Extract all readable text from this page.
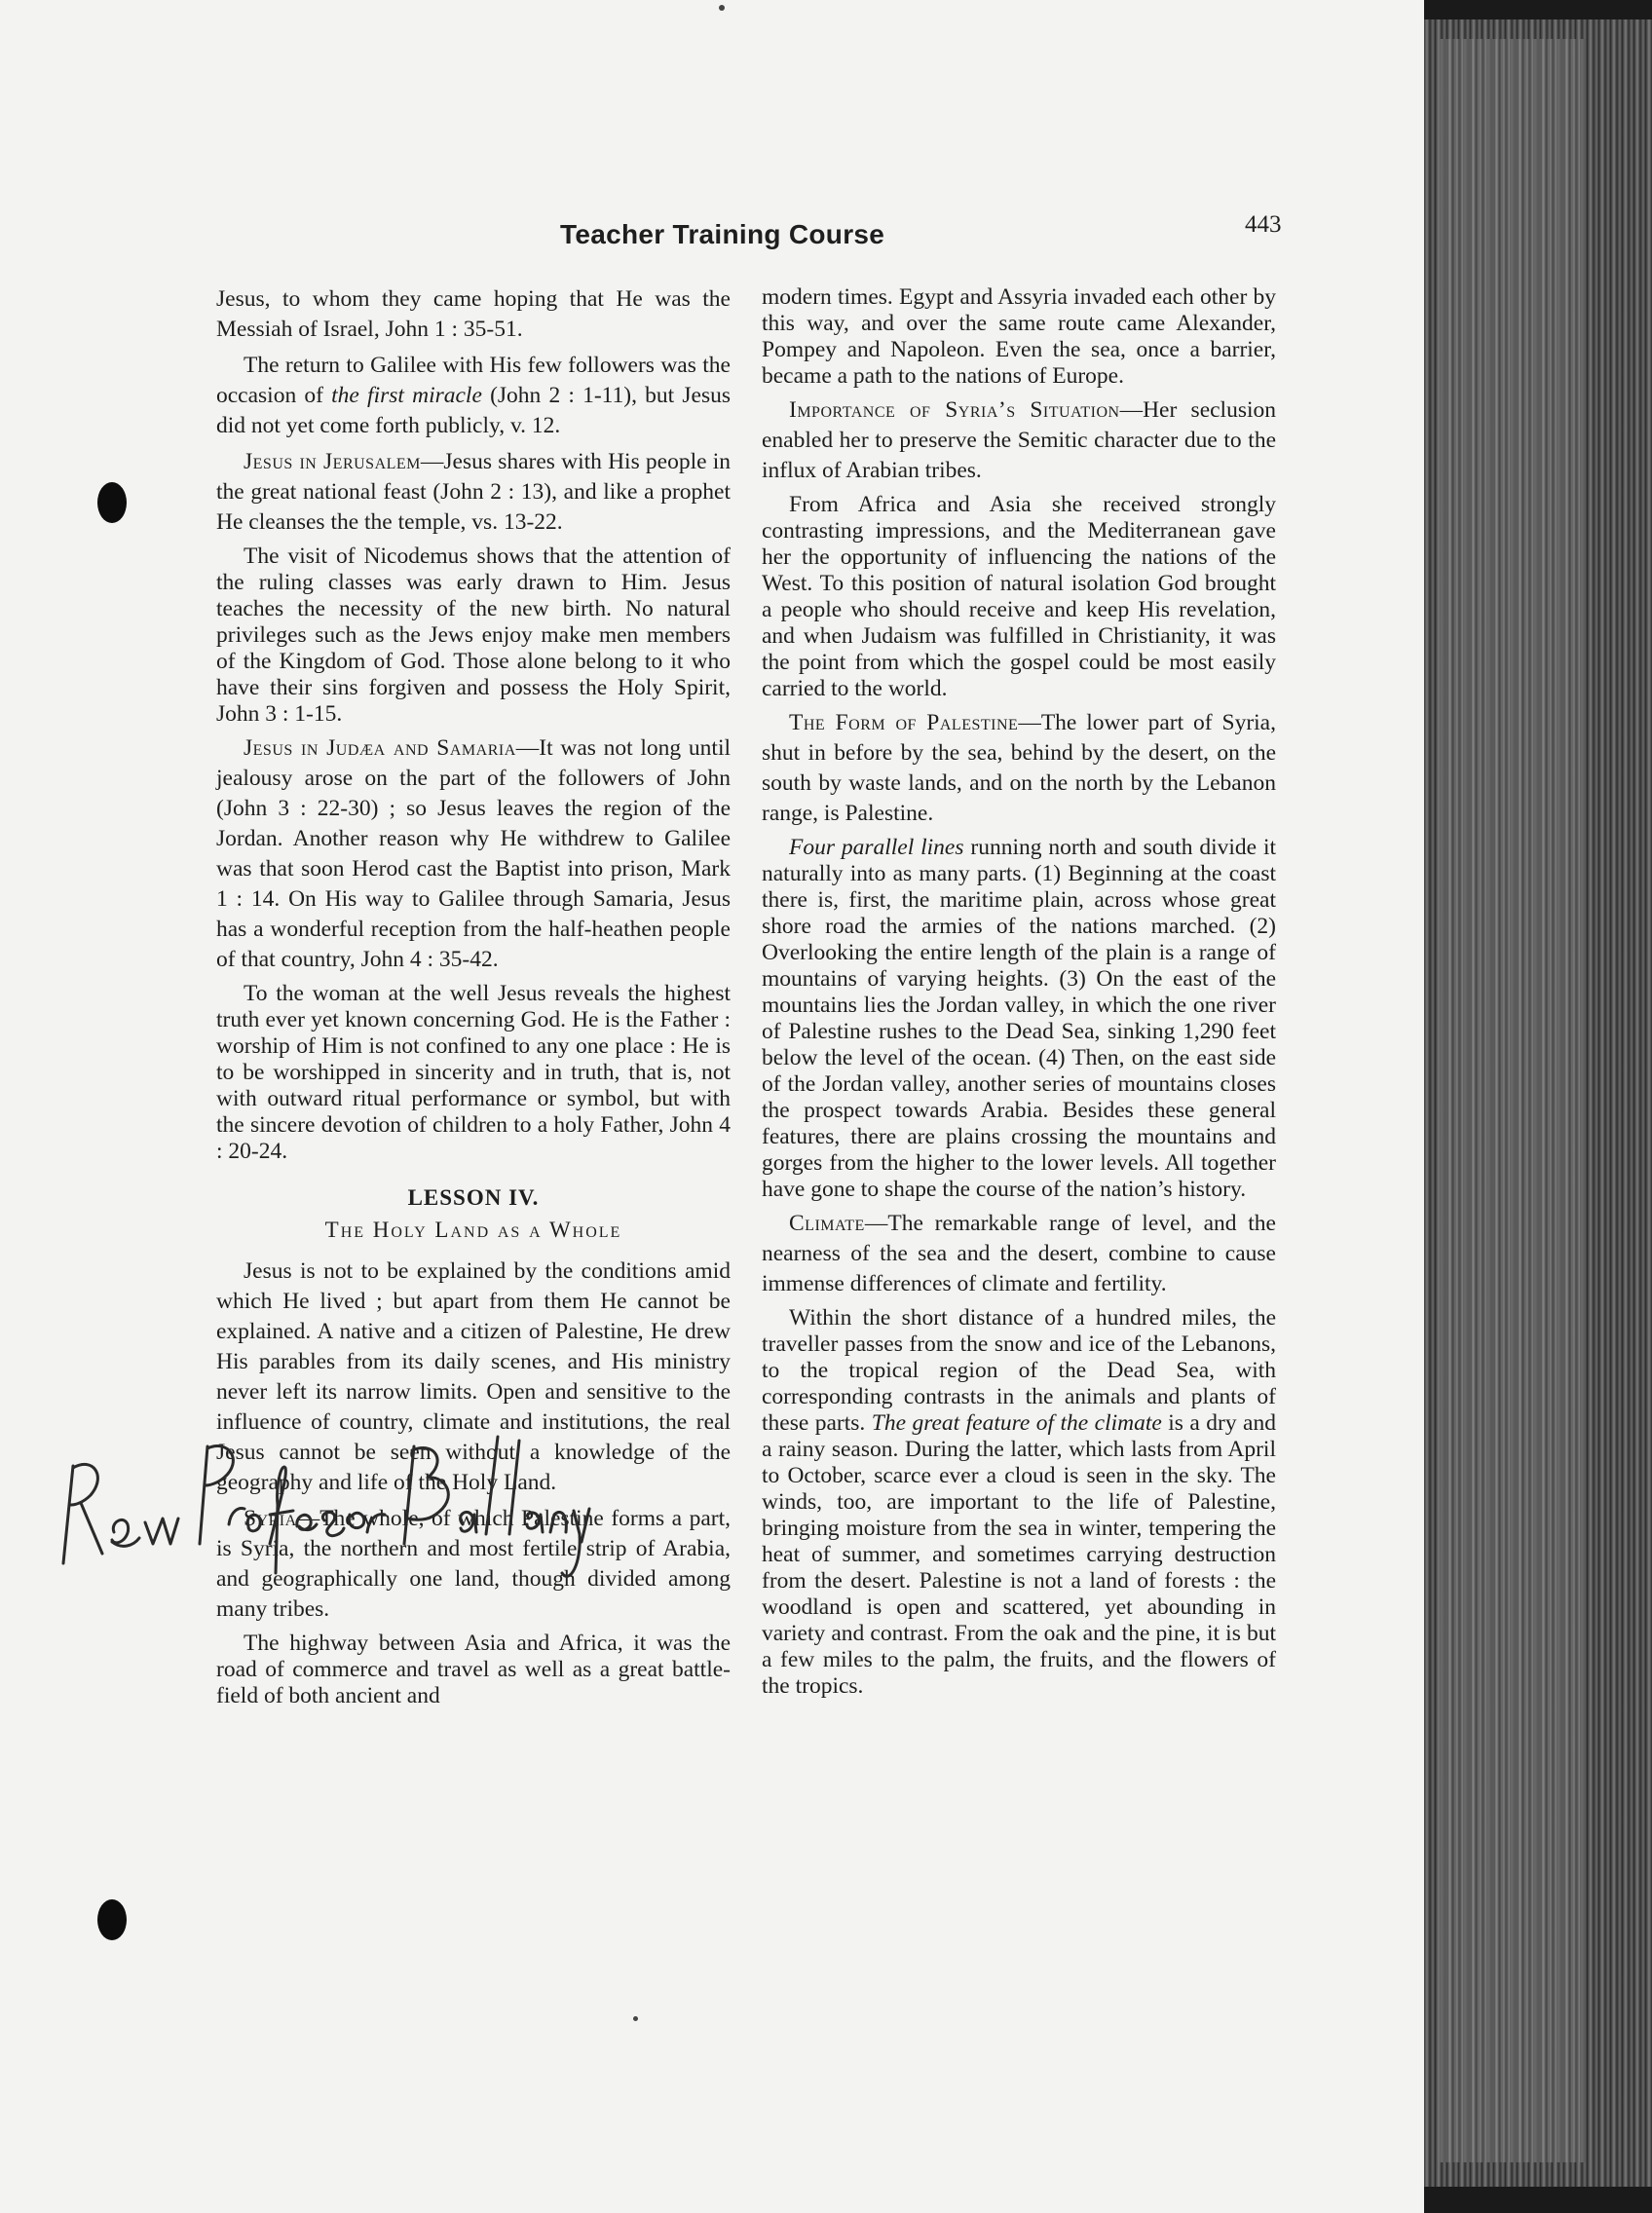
Teacher Training Course	443

Jesus, to whom they came hoping that He was the Messiah of Israel, John 1 : 35-51.

The return to Galilee with His few followers was the occasion of the first miracle (John 2 : 1-11), but Jesus did not yet come forth publicly, v. 12.

Jesus in Jerusalem—Jesus shares with His people in the great national feast (John 2 : 13), and like a prophet He cleanses the the temple, vs. 13-22.

The visit of Nicodemus shows that the attention of the ruling classes was early drawn to Him. Jesus teaches the necessity of the new birth. No natural privileges such as the Jews enjoy make men members of the Kingdom of God. Those alone belong to it who have their sins forgiven and possess the Holy Spirit, John 3 : 1-15.

Jesus in Judæa and Samaria—It was not long until jealousy arose on the part of the followers of John (John 3 : 22-30) ; so Jesus leaves the region of the Jordan. Another reason why He withdrew to Galilee was that soon Herod cast the Baptist into prison, Mark 1 : 14. On His way to Galilee through Samaria, Jesus has a wonderful reception from the half-heathen people of that country, John 4 : 35-42.

To the woman at the well Jesus reveals the highest truth ever yet known concerning God. He is the Father : worship of Him is not confined to any one place : He is to be worshipped in sincerity and in truth, that is, not with outward ritual performance or symbol, but with the sincere devotion of children to a holy Father, John 4 : 20-24.

LESSON IV.
The Holy Land as a Whole

Jesus is not to be explained by the conditions amid which He lived ; but apart from them He cannot be explained. A native and a citizen of Palestine, He drew His parables from its daily scenes, and His ministry never left its narrow limits. Open and sensitive to the influence of country, climate and institutions, the real Jesus cannot be seen without a knowledge of the geography and life of the Holy Land.

Syria—The whole, of which Palestine forms a part, is Syria, the northern and most fertile strip of Arabia, and geographically one land, though divided among many tribes.

The highway between Asia and Africa, it was the road of commerce and travel as well as a great battle-field of both ancient and

modern times. Egypt and Assyria invaded each other by this way, and over the same route came Alexander, Pompey and Napoleon. Even the sea, once a barrier, became a path to the nations of Europe.

Importance of Syria’s Situation—Her seclusion enabled her to preserve the Semitic character due to the influx of Arabian tribes.

From Africa and Asia she received strongly contrasting impressions, and the Mediterranean gave her the opportunity of influencing the nations of the West. To this position of natural isolation God brought a people who should receive and keep His revelation, and when Judaism was fulfilled in Christianity, it was the point from which the gospel could be most easily carried to the world.

The Form of Palestine—The lower part of Syria, shut in before by the sea, behind by the desert, on the south by waste lands, and on the north by the Lebanon range, is Palestine.

Four parallel lines running north and south divide it naturally into as many parts. (1) Beginning at the coast there is, first, the maritime plain, across whose great shore road the armies of the nations marched. (2) Overlooking the entire length of the plain is a range of mountains of varying heights. (3) On the east of the mountains lies the Jordan valley, in which the one river of Palestine rushes to the Dead Sea, sinking 1,290 feet below the level of the ocean. (4) Then, on the east side of the Jordan valley, another series of mountains closes the prospect towards Arabia. Besides these general features, there are plains crossing the mountains and gorges from the higher to the lower levels. All together have gone to shape the course of the nation’s history.

Climate—The remarkable range of level, and the nearness of the sea and the desert, combine to cause immense differences of climate and fertility.

Within the short distance of a hundred miles, the traveller passes from the snow and ice of the Lebanons, to the tropical region of the Dead Sea, with corresponding contrasts in the animals and plants of these parts. The great feature of the climate is a dry and a rainy season. During the latter, which lasts from April to October, scarce ever a cloud is seen in the sky. The winds, too, are important to the life of Palestine, bringing moisture from the sea in winter, tempering the heat of summer, and sometimes carrying destruction from the desert. Palestine is not a land of forests : the woodland is open and scattered, yet abounding in variety and contrast. From the oak and the pine, it is but a few miles to the palm, the fruits, and the flowers of the tropics.

Rev Professor Ballantyne
